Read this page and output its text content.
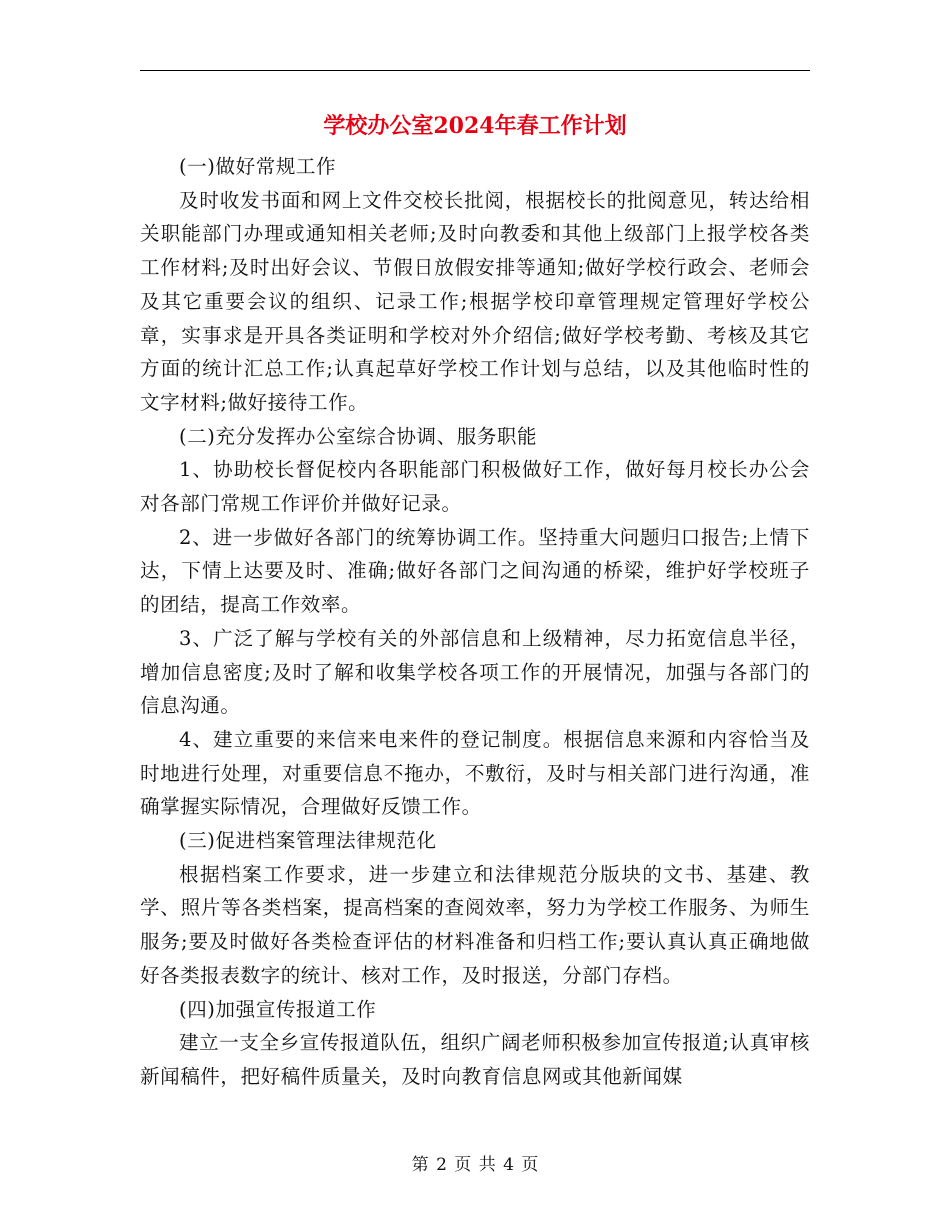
学校办公室2024年春工作计划

(一)做好常规工作

及时收发书面和网上文件交校长批阅，根据校长的批阅意见，转达给相关职能部门办理或通知相关老师;及时向教委和其他上级部门上报学校各类工作材料;及时出好会议、节假日放假安排等通知;做好学校行政会、老师会及其它重要会议的组织、记录工作;根据学校印章管理规定管理好学校公章，实事求是开具各类证明和学校对外介绍信;做好学校考勤、考核及其它方面的统计汇总工作;认真起草好学校工作计划与总结，以及其他临时性的文字材料;做好接待工作。

(二)充分发挥办公室综合协调、服务职能

1、协助校长督促校内各职能部门积极做好工作，做好每月校长办公会对各部门常规工作评价并做好记录。

2、进一步做好各部门的统筹协调工作。坚持重大问题归口报告;上情下达，下情上达要及时、准确;做好各部门之间沟通的桥梁，维护好学校班子的团结，提高工作效率。

3、广泛了解与学校有关的外部信息和上级精神，尽力拓宽信息半径，增加信息密度;及时了解和收集学校各项工作的开展情况，加强与各部门的信息沟通。

4、建立重要的来信来电来件的登记制度。根据信息来源和内容恰当及时地进行处理，对重要信息不拖办，不敷衍，及时与相关部门进行沟通，准确掌握实际情况，合理做好反馈工作。

(三)促进档案管理法律规范化

根据档案工作要求，进一步建立和法律规范分版块的文书、基建、教学、照片等各类档案，提高档案的查阅效率，努力为学校工作服务、为师生服务;要及时做好各类检查评估的材料准备和归档工作;要认真认真正确地做好各类报表数字的统计、核对工作，及时报送，分部门存档。

(四)加强宣传报道工作

建立一支全乡宣传报道队伍，组织广阔老师积极参加宣传报道;认真审核新闻稿件，把好稿件质量关，及时向教育信息网或其他新闻媒

第 2 页 共 4 页
